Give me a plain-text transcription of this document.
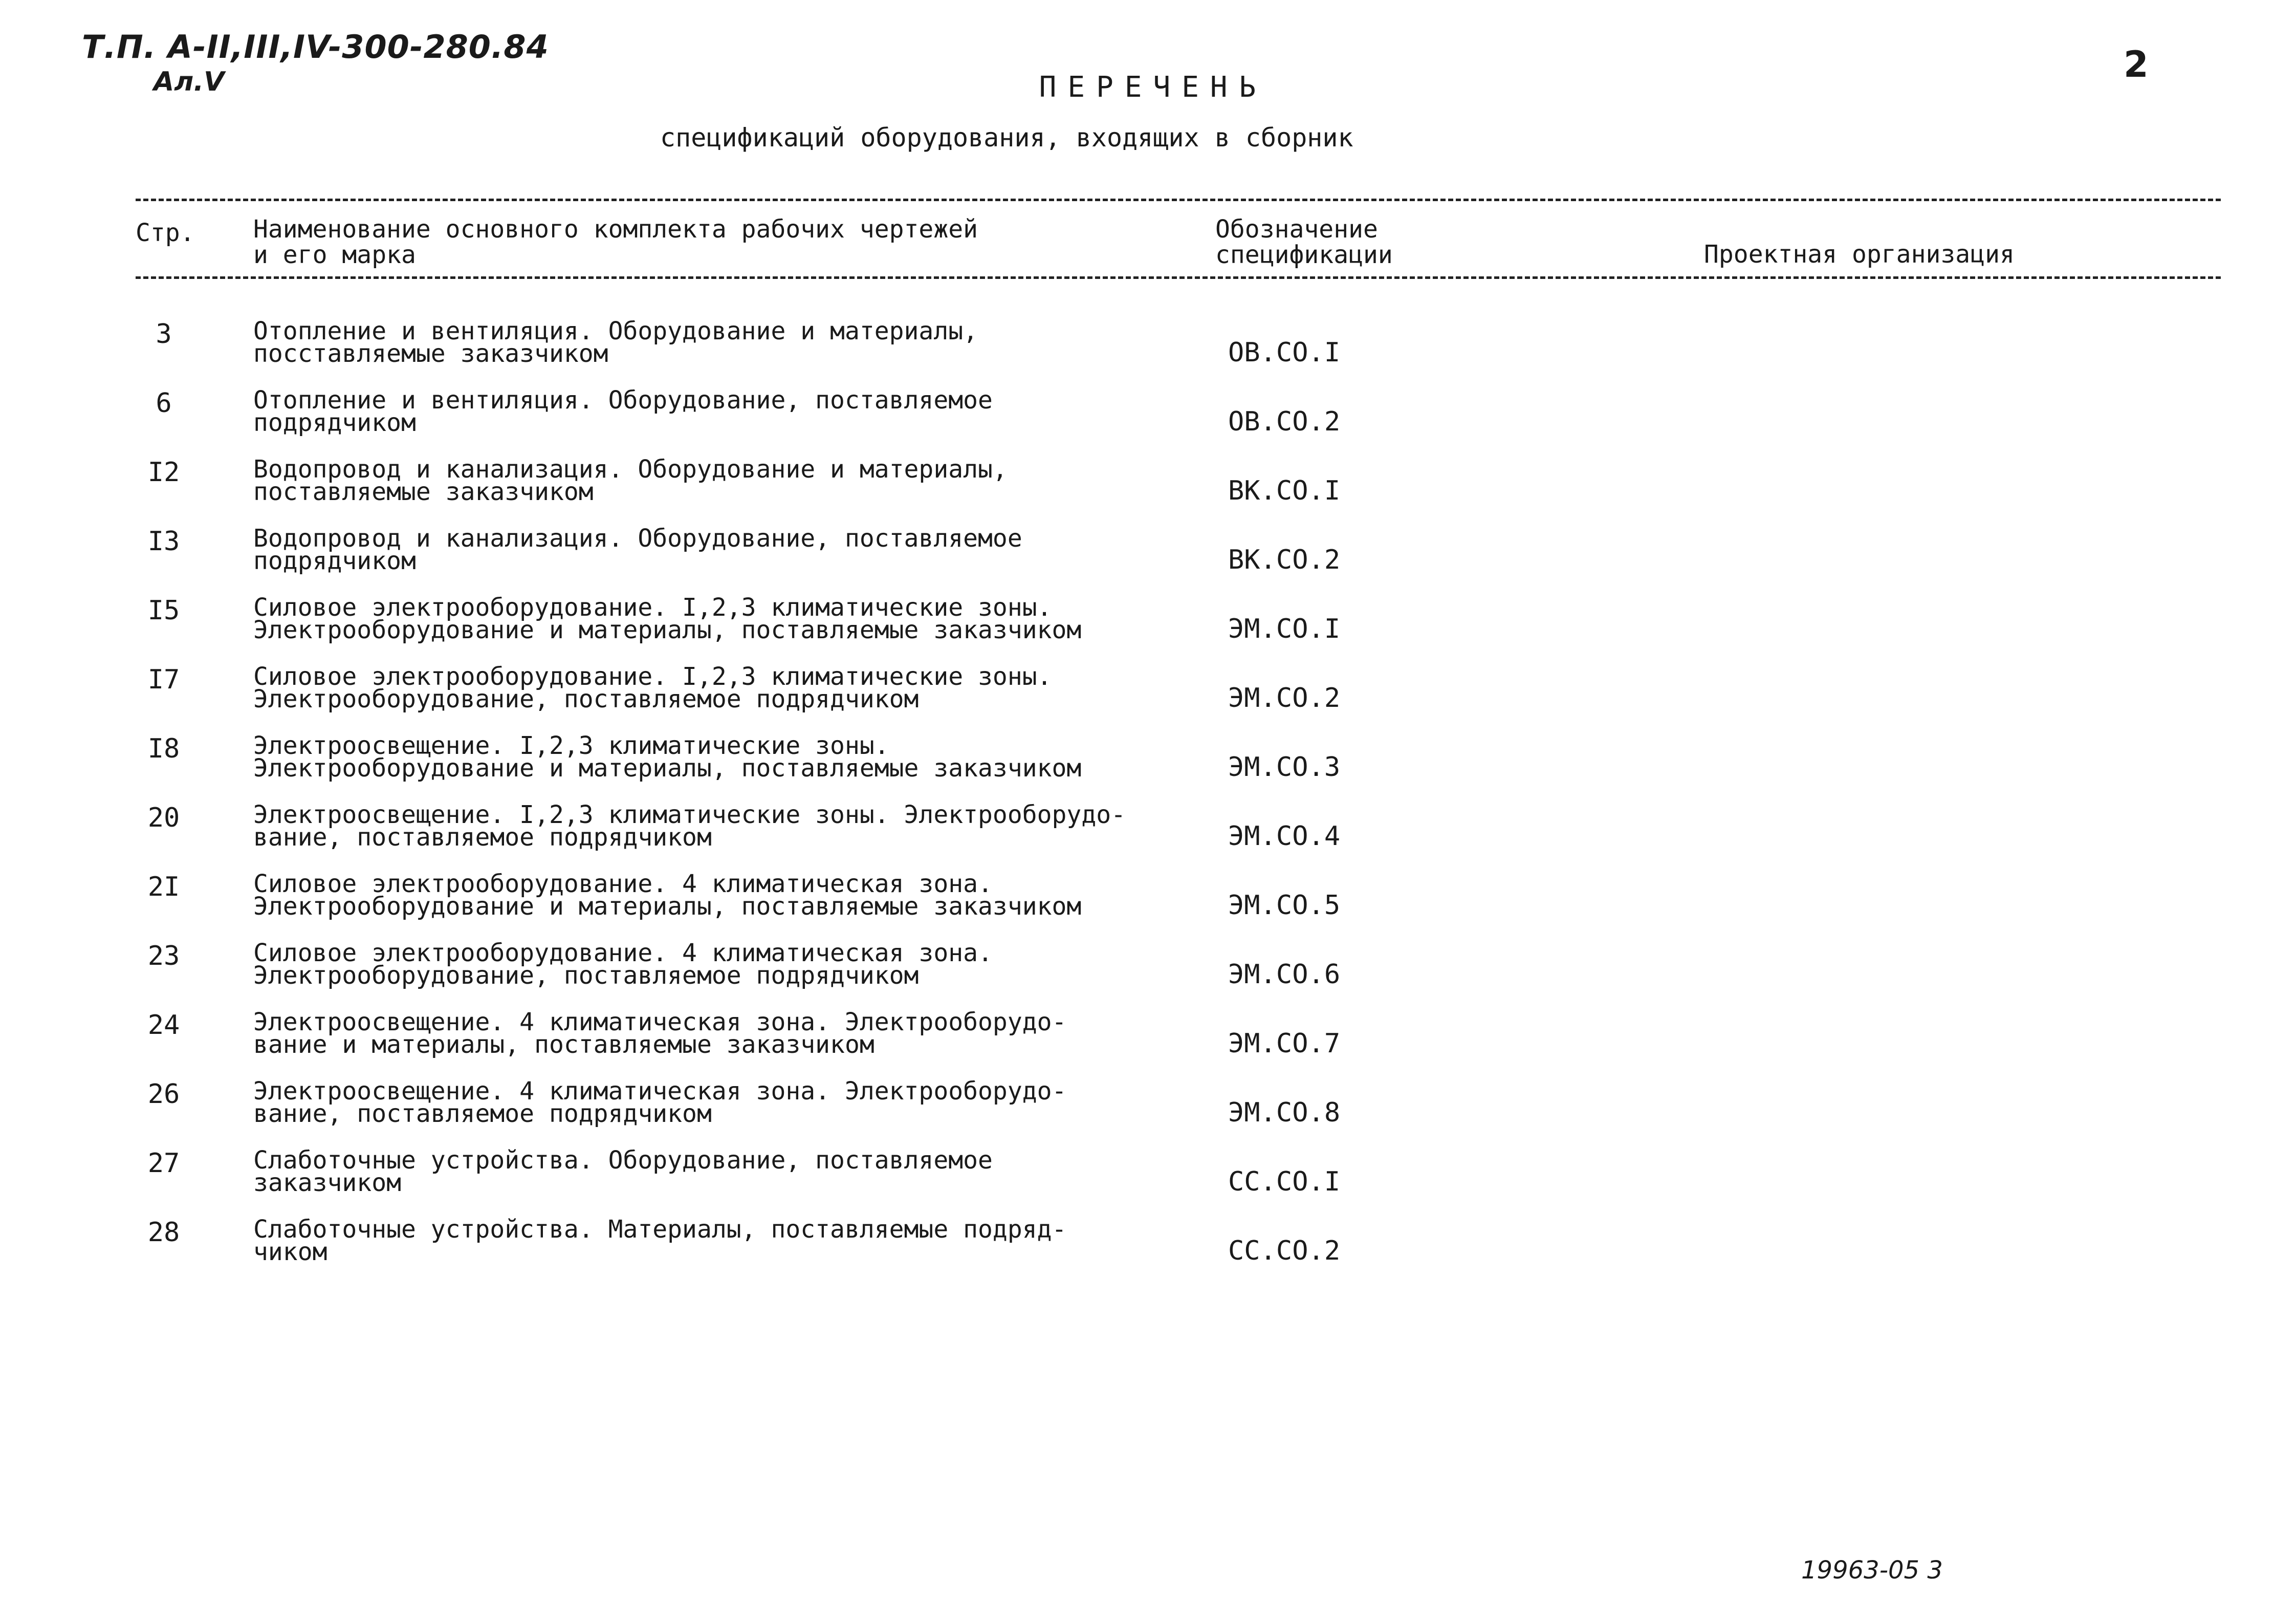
Т.П. А-II,III,IV-300-280.84
Ал.V	2
ПЕРЕЧЕНЬ
спецификаций оборудования, входящих в сборник
Стр. Наименование основного комплекта рабочих чертежей
и его марка
Обозначение
спецификации	Проектная организация
3	Отопление и вентиляция. Оборудование и материалы,
посставляемые заказчиком	ОВ.СО.I
6	Отопление и вентиляция. Оборудование, поставляемое
подрядчиком	ОВ.СО.2
I2	Водопровод и канализация. Оборудование и материалы,
поставляемые заказчиком	ВК.СО.I
I3	Водопровод и канализация. Оборудование, поставляемое
подрядчиком	ВК.СО.2
I5	Силовое электрооборудование. I,2,3 климатические зоны.
Электрооборудование и материалы, поставляемые заказчиком	ЭМ.СО.I
I7	Силовое электрооборудование. I,2,3 климатические зоны.
Электрооборудование, поставляемое подрядчиком	ЭМ.СО.2
I8	Электроосвещение. I,2,3 климатические зоны.
Электрооборудование и материалы, поставляемые заказчиком	ЭМ.СО.3
20	Электроосвещение. I,2,3 климатические зоны. Электрооборудо-
вание, поставляемое подрядчиком	ЭМ.СО.4
2I	Силовое электрооборудование. 4 климатическая зона.
Электрооборудование и материалы, поставляемые заказчиком	ЭМ.СО.5
23	Силовое электрооборудование. 4 климатическая зона.
Электрооборудование, поставляемое подрядчиком	ЭМ.СО.6
24	Электроосвещение. 4 климатическая зона. Электрооборудо-
вание и материалы, поставляемые заказчиком	ЭМ.СО.7
26	Электроосвещение. 4 климатическая зона. Электрооборудо-
вание, поставляемое подрядчиком	ЭМ.СО.8
27	Слаботочные устройства. Оборудование, поставляемое
заказчиком	СС.СО.I
28	Слаботочные устройства. Материалы, поставляемые подряд-
чиком	СС.СО.2
19963-05 3
